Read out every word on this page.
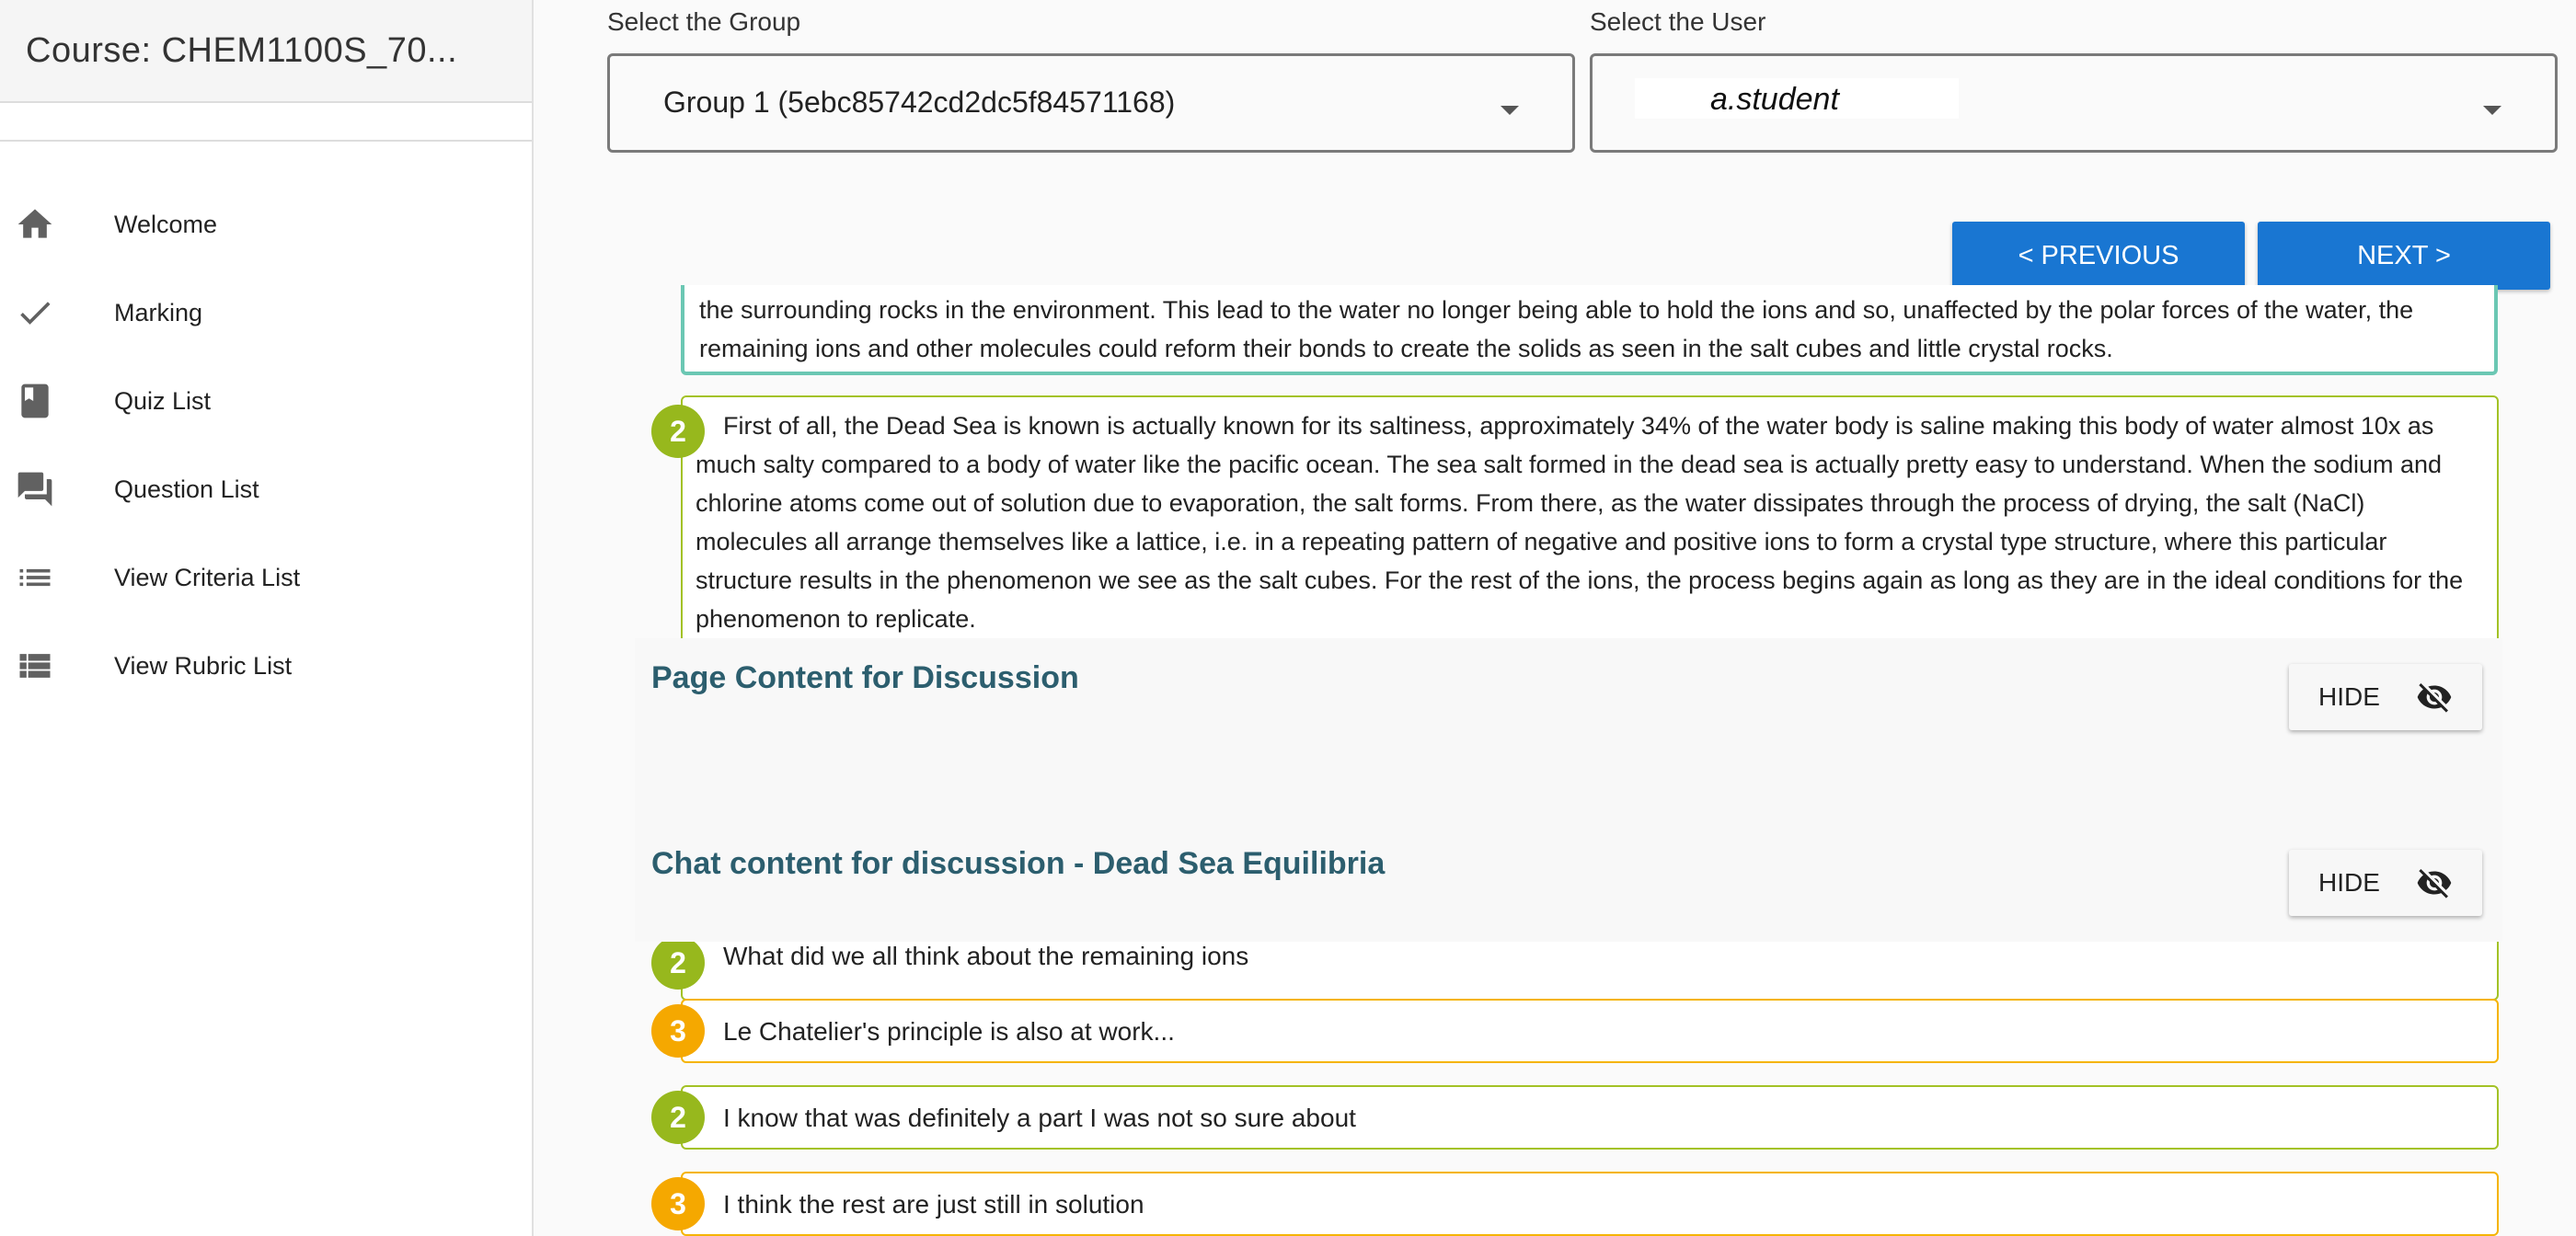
Course: CHEM1100S_70...
Welcome
Marking
Quiz List
Question List
View Criteria List
View Rubric List
Select the Group
Group 1 (5ebc85742cd2dc5f84571168)
Select the User
a.student
< PREVIOUS	NEXT >
the surrounding rocks in the environment. This lead to the water no longer being able to hold the ions and so, unaffected by the polar forces of the water, the remaining ions and other molecules could reform their bonds to create the solids as seen in the salt cubes and little crystal rocks.
First of all, the Dead Sea is known is actually known for its saltiness, approximately 34% of the water body is saline making this body of water almost 10x as much salty compared to a body of water like the pacific ocean. The sea salt formed in the dead sea is actually pretty easy to understand. When the sodium and chlorine atoms come out of solution due to evaporation, the salt forms. From there, as the water dissipates through the process of drying, the salt (NaCl) molecules all arrange themselves like a lattice, i.e. in a repeating pattern of negative and positive ions to form a crystal type structure, where this particular structure results in the phenomenon we see as the salt cubes. For the rest of the ions, the process begins again as long as they are in the ideal conditions for the phenomenon to replicate.
2
Page Content for Discussion
HIDE
Chat content for discussion - Dead Sea Equilibria
HIDE
What did we all think about the remaining ions
2
Le Chatelier's principle is also at work...
3
I know that was definitely a part I was not so sure about
2
I think the rest are just still in solution
3
